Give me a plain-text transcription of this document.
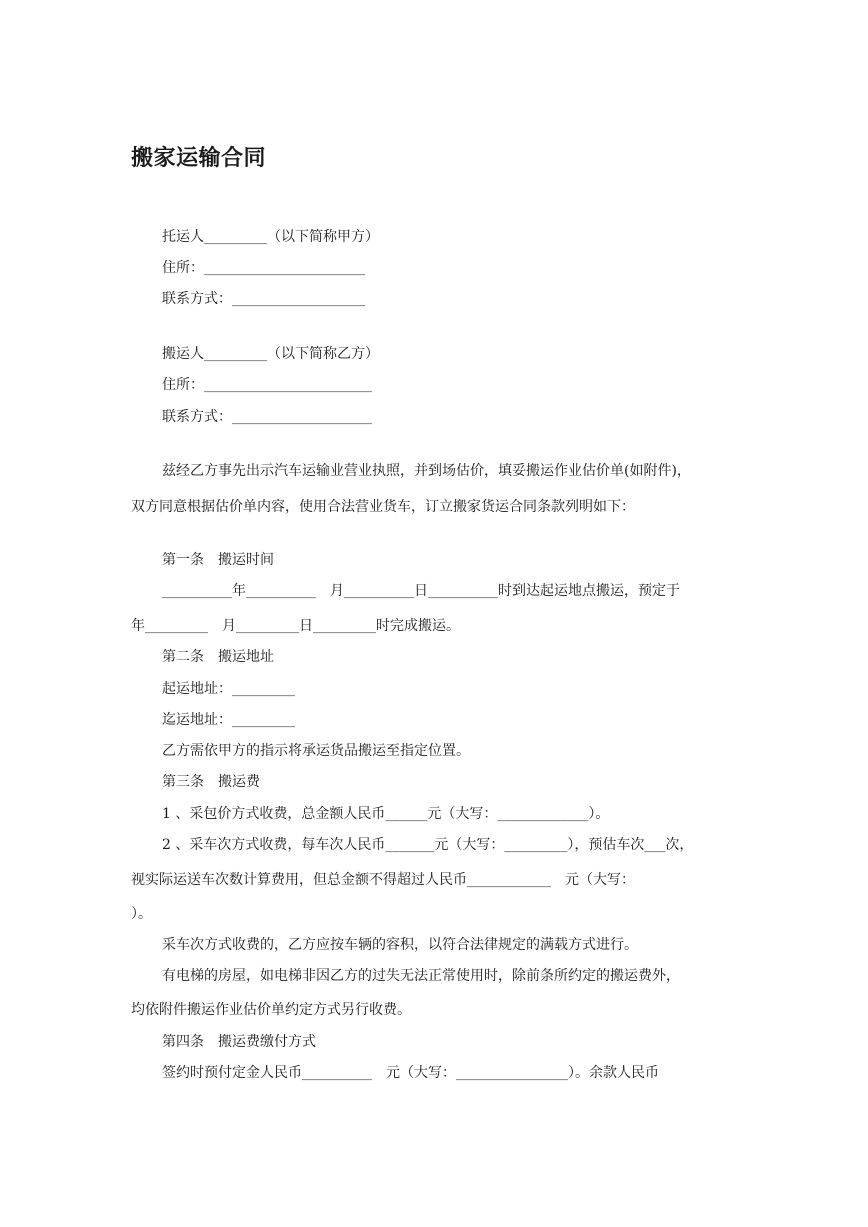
搬家运输合同
托运人_________（以下简称甲方）
住所：_______________________
联系方式：___________________
搬运人_________（以下简称乙方）
住所：________________________
联系方式：____________________
兹经乙方事先出示汽车运输业营业执照，并到场估价，填妥搬运作业估价单(如附件)，
双方同意根据估价单内容，使用合法营业货车，订立搬家货运合同条款列明如下：
第一条　搬运时间
__________年__________　月__________日__________时到达起运地点搬运，预定于
年_________　月_________日_________时完成搬运。
第二条　搬运地址
起运地址：_________
迄运地址：_________
乙方需依甲方的指示将承运货品搬运至指定位置。
第三条　搬运费
1 、采包价方式收费，总金额人民币______元（大写：_____________）。
2 、采车次方式收费，每车次人民币_______元（大写：_________），预估车次___次，
视实际运送车次数计算费用，但总金额不得超过人民币____________　元（大写：
）。
采车次方式收费的，乙方应按车辆的容积，以符合法律规定的满载方式进行。
有电梯的房屋，如电梯非因乙方的过失无法正常使用时，除前条所约定的搬运费外，
均依附件搬运作业估价单约定方式另行收费。
第四条　搬运费缴付方式
签约时预付定金人民币__________　元（大写：________________）。余款人民币
